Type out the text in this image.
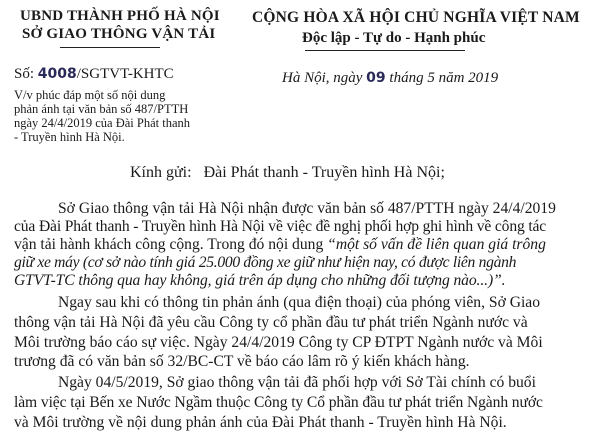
UBND THÀNH PHỐ HÀ NỘI
SỞ GIAO THÔNG VẬN TẢI
CỘNG HÒA XÃ HỘI CHỦ NGHĨA VIỆT NAM
Độc lập - Tự do - Hạnh phúc
Số: 4008/SGTVT-KHTC
V/v phúc đáp một số nội dung
phản ánh tại văn bản số 487/PTTH
ngày 24/4/2019 của Đài Phát thanh
- Truyền hình Hà Nội.
Hà Nội, ngày 09 tháng 5 năm 2019
Kính gửi: Đài Phát thanh - Truyền hình Hà Nội;
Sở Giao thông vận tải Hà Nội nhận được văn bản số 487/PTTH ngày 24/4/2019
của Đài Phát thanh - Truyền hình Hà Nội về việc đề nghị phối hợp ghi hình về công tác
vận tải hành khách công cộng. Trong đó nội dung “một số vấn đề liên quan giá trông
giữ xe máy (cơ sở nào tính giá 25.000 đồng xe giữ như hiện nay, có được liên ngành
GTVT-TC thông qua hay không, giá trên áp dụng cho những đối tượng nào...)”.
Ngay sau khi có thông tin phản ánh (qua điện thoại) của phóng viên, Sở Giao
thông vận tải Hà Nội đã yêu cầu Công ty cổ phần đầu tư phát triển Ngành nước và
Môi trường báo cáo sự việc. Ngày 24/4/2019 Công ty CP ĐTPT Ngành nước và Môi
trương đã có văn bản số 32/BC-CT về báo cáo lâm rõ ý kiến khách hàng.
Ngày 04/5/2019, Sở giao thông vận tải đã phối hợp với Sở Tài chính có buổi
làm việc tại Bến xe Nước Ngầm thuộc Công ty Cổ phần đầu tư phát triển Ngành nước
và Môi trường về nội dung phản ánh của Đài Phát thanh - Truyền hình Hà Nội.
